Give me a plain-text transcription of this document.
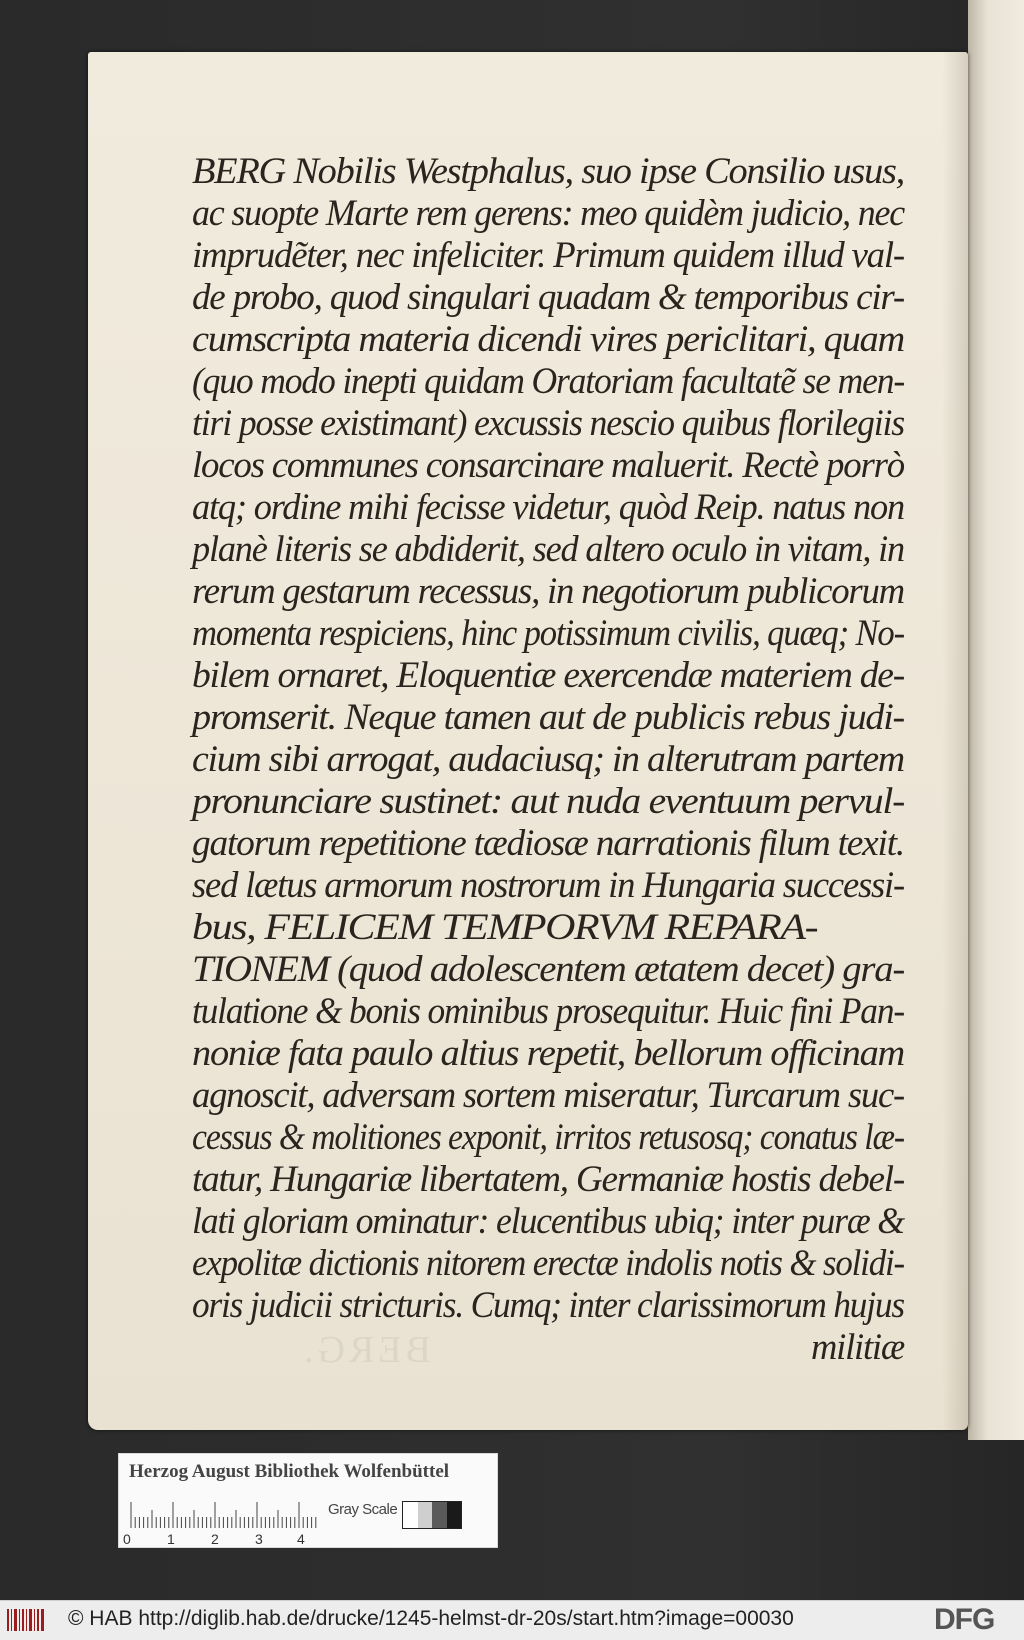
BERG Nobilis Westphalus, suo ipse Consilio usus,
ac suopte Marte rem gerens: meo quidèm judicio, nec
imprudẽter, nec infeliciter. Primum quidem illud val-
de probo, quod singulari quadam & temporibus cir-
cumscripta materia dicendi vires periclitari, quam
(quo modo inepti quidam Oratoriam facultatẽ se men-
tiri posse existimant) excussis nescio quibus florilegiis
locos communes consarcinare maluerit. Rectè porrò
atq; ordine mihi fecisse videtur, quòd Reip. natus non
planè literis se abdiderit, sed altero oculo in vitam, in
rerum gestarum recessus, in negotiorum publicorum
momenta respiciens, hinc potissimum civilis, quæq; No-
bilem ornaret, Eloquentiæ exercendæ materiem de-
promserit. Neque tamen aut de publicis rebus judi-
cium sibi arrogat, audaciusq; in alterutram partem
pronunciare sustinet: aut nuda eventuum pervul-
gatorum repetitione tædiosæ narrationis filum texit.
sed lætus armorum nostrorum in Hungaria successi-
bus, FELICEM TEMPORVM REPARA-
TIONEM (quod adolescentem ætatem decet) gra-
tulatione & bonis ominibus prosequitur. Huic fini Pan-
noniæ fata paulo altius repetit, bellorum officinam
agnoscit, adversam sortem miseratur, Turcarum suc-
cessus & molitiones exponit, irritos retusosq; conatus læ-
tatur, Hungariæ libertatem, Germaniæ hostis debel-
lati gloriam ominatur: elucentibus ubiq; inter puræ &
expolitæ dictionis nitorem erectæ indolis notis & solidi-
oris judicii stricturis. Cumq; inter clarissimorum hujus
militiæ
BERG.
Herzog August Bibliothek Wolfenbüttel
0	1	2	3 4
Gray Scale
© HAB http://diglib.hab.de/drucke/1245-helmst-dr-20s/start.htm?image=00030	DFG
